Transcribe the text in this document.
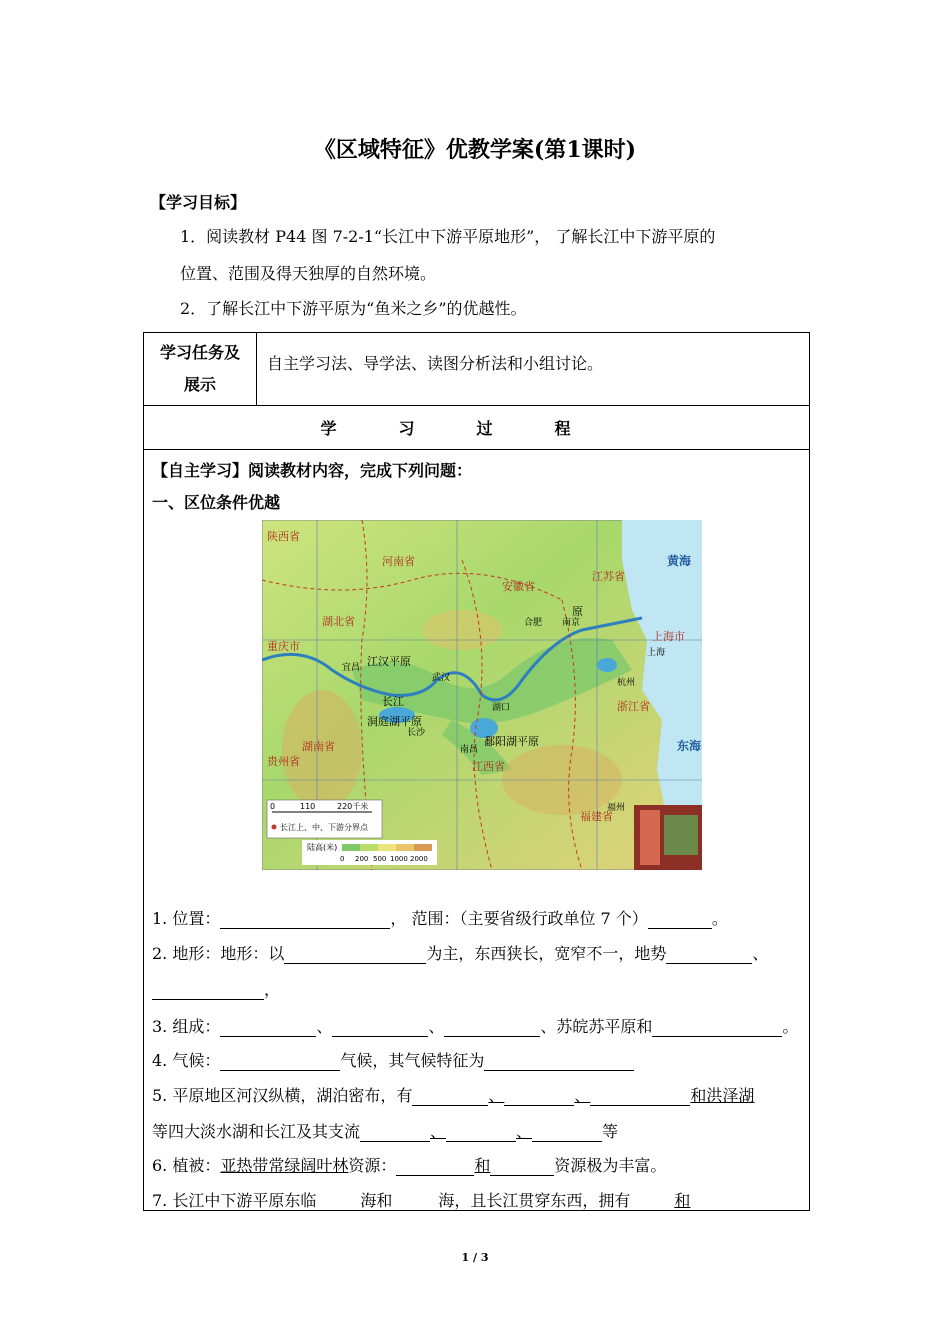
《区域特征》优教学案(第1课时)
【学习目标】
1．阅读教材 P44 图 7-2-1“长江中下游平原地形”， 了解长江中下游平原的
位置、范围及得天独厚的自然环境。
2．了解长江中下游平原为“鱼米之乡”的优越性。
学习任务及
展示
	自主学习法、导学法、读图分析法和小组讨论。
学习过程

【自主学习】阅读教材内容，完成下列问题：
一、区位条件优越
河南省
安徽省
江苏省
湖北省
湖南省
江西省
浙江省
福建省
重庆市
上海市
贵州省
陕西省
江汉平原
洞庭湖平原
鄱阳湖平原
长江
原
黄海
东海
合肥 南京
上海
杭州
武汉
长沙
南昌
宜昌
湖口
福州
0	110	220千米
长江上、中、下游分界点
陆高(米)
0 200 500 1000 2000
1. 位置：	， 范围：（主要省级行政单位 7 个）	。
2. 地形：地形：以	为主，东西狭长，宽窄不一，地势	、
，
3. 组成：	、	、	、苏皖苏平原和	。
4. 气候：	气候，其气候特征为
5. 平原地区河汉纵横，湖泊密布，有	、	、	和洪泽湖
等四大淡水湖和长江及其支流	、	、	等
6. 植被：亚热带常绿阔叶林资源：	和	资源极为丰富。
7. 长江中下游平原东临	海和	海，且长江贯穿东西，拥有	和
1 / 3
